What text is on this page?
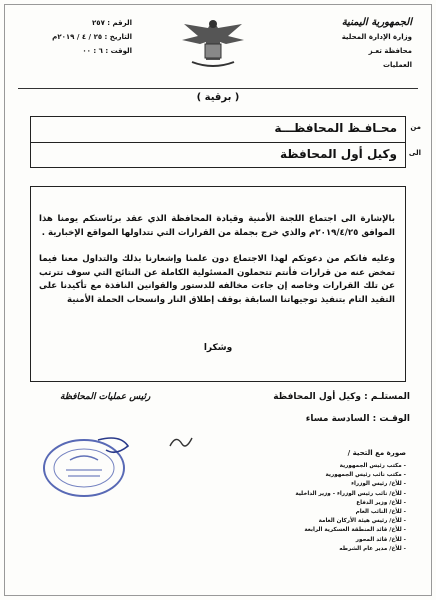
الجمهورية اليمنية
وزارة الإدارة المحلية
محافظة تعـز
العمليات
الرقم : ٢٥٧
التاريخ : ٢٥ / ٤ / ٢٠١٩م
الوقت : ٦ : ٠٠
( برقية )
من
محـافـظ المحافظـــة
الى
وكيل أول المحافظة

بالإشارة الى اجتماع اللجنة الأمنية وقيادة المحافظة الذي عقد برئاستكم يومنا هذا الموافق ٢٠١٩/٤/٢٥م والذي خرج بجملة من القرارات التي تتداولها المواقع الإخبارية .

وعليه فانكم من دعوتكم لهذا الاجتماع دون علمنا وإشعارنا بذلك والتداول معنا فيما تمخض عنه من قرارات فأنتم تتحملون المسئولية الكاملة عن النتائج التي سوف تترتب عن تلك القرارات وخاصه إن جاءت مخالفه للدستور والقوانين النافذة مع تأكيدنا على التقيد التام بتنفيذ توجيهاتنا السابقة بوقف إطلاق النار وانسحاب الحملة الأمنية

وشكرا
المستلـم : وكيل أول المحافظة
الوقـت : السادسة مساء
رئيس عمليات المحافظة
صورة مع التحية /
- مكتب رئيس الجمهورية
- مكتب نائب رئيس الجمهورية
- للأخ/ رئيس الوزراء
- للأخ/ نائب رئيس الوزراء - وزير الداخلية
- للأخ/ وزير الدفاع
- للأخ/ النائب العام
- للأخ/ رئيس هيئة الأركان العامة
- للأخ/ قائد المنطقة العسكرية الرابعة
- للأخ/ قائد المحور
- للأخ/ مدير عام الشرطه
